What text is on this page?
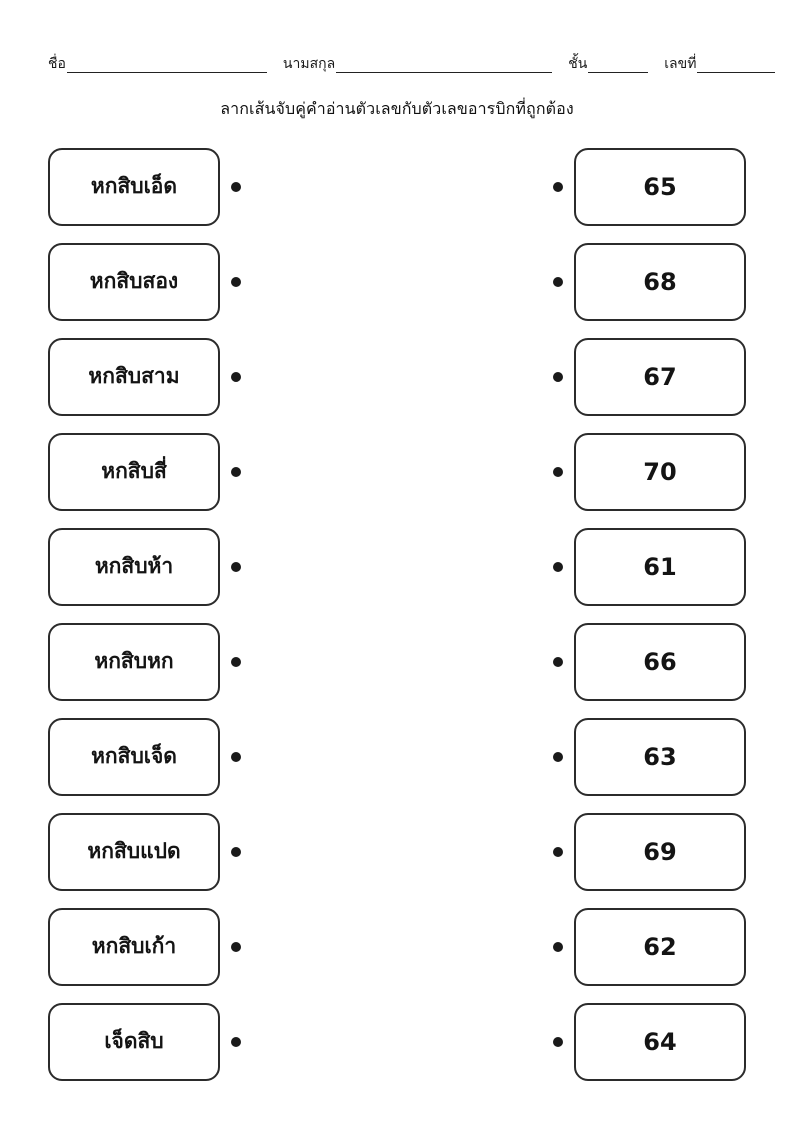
ชื่อ	นามสกุล	ชั้น	เลขที่
ลากเส้นจับคู่คำอ่านตัวเลขกับตัวเลขอารบิกที่ถูกต้อง
หกสิบเอ็ด	65
หกสิบสอง	68
หกสิบสาม	67
หกสิบสี่	70
หกสิบห้า	61
หกสิบหก	66
หกสิบเจ็ด	63
หกสิบแปด	69
หกสิบเก้า	62
เจ็ดสิบ	64
